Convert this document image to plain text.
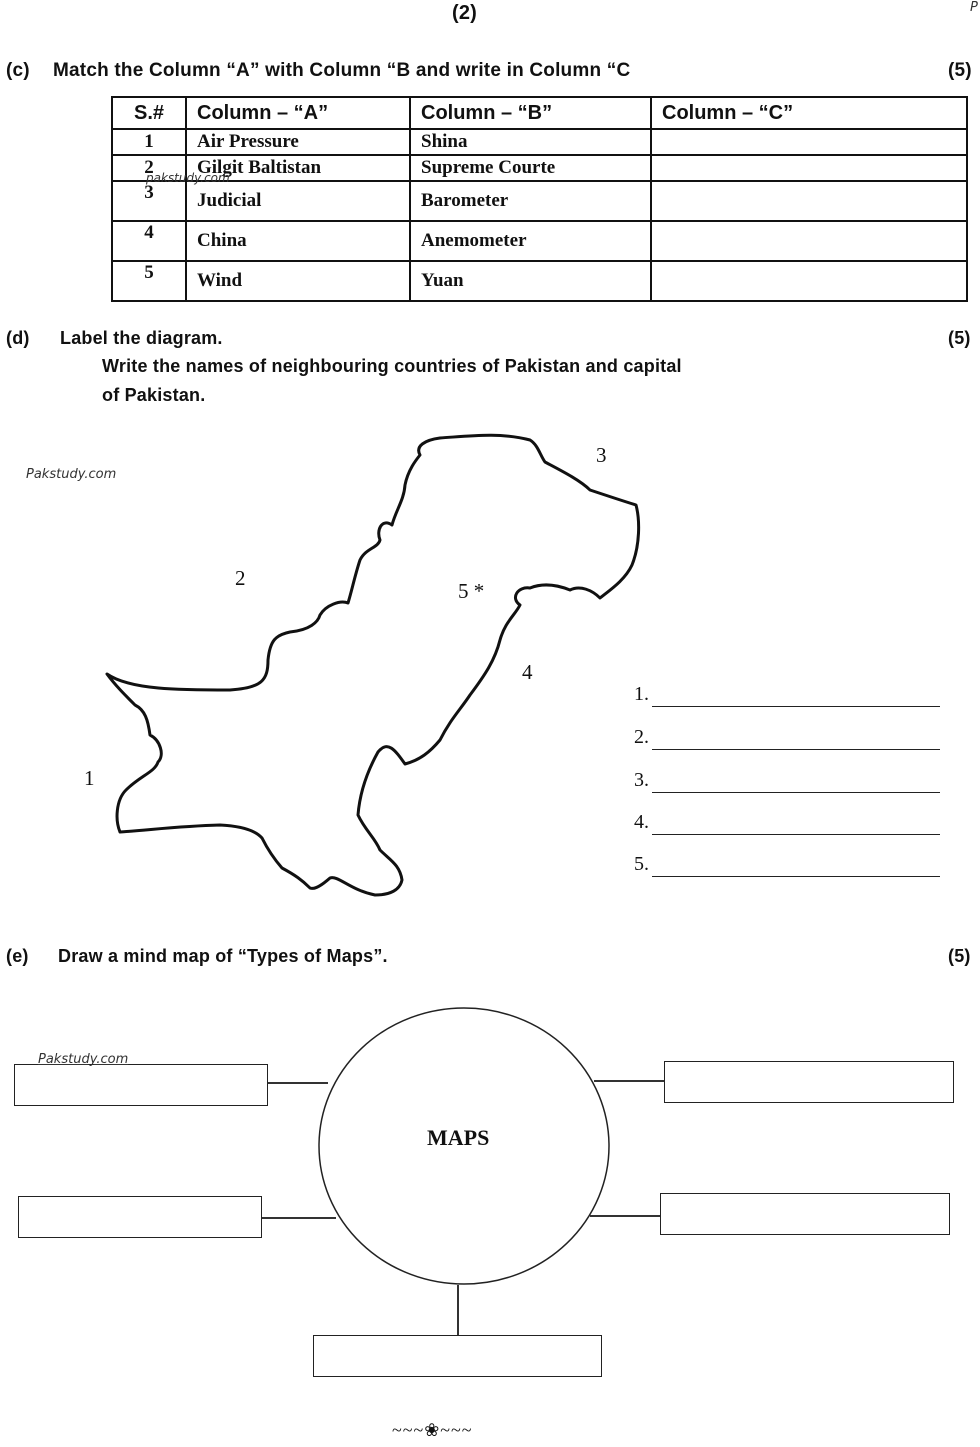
(2)	P
(c) Match the Column “A” with Column “B and write in Column “C	(5)
S.#	Column – “A”	Column – “B”	Column – “C”
1	Air Pressure	Shina	
2	Gilgit Baltistan	Supreme Courte	
3	Judicial	Barometer	
4	China	Anemometer	
5	Wind	Yuan	
pakstudy.com
(d) Label the diagram.	(5)
Write the names of neighbouring countries of Pakistan and capital
of Pakistan.
Pakstudy.com
1
2
3
4
5 *
1.
2.
3.
4.
5.
(e) Draw a mind map of “Types of Maps”.	(5)
MAPS
Pakstudy.com
~~~❀~~~
